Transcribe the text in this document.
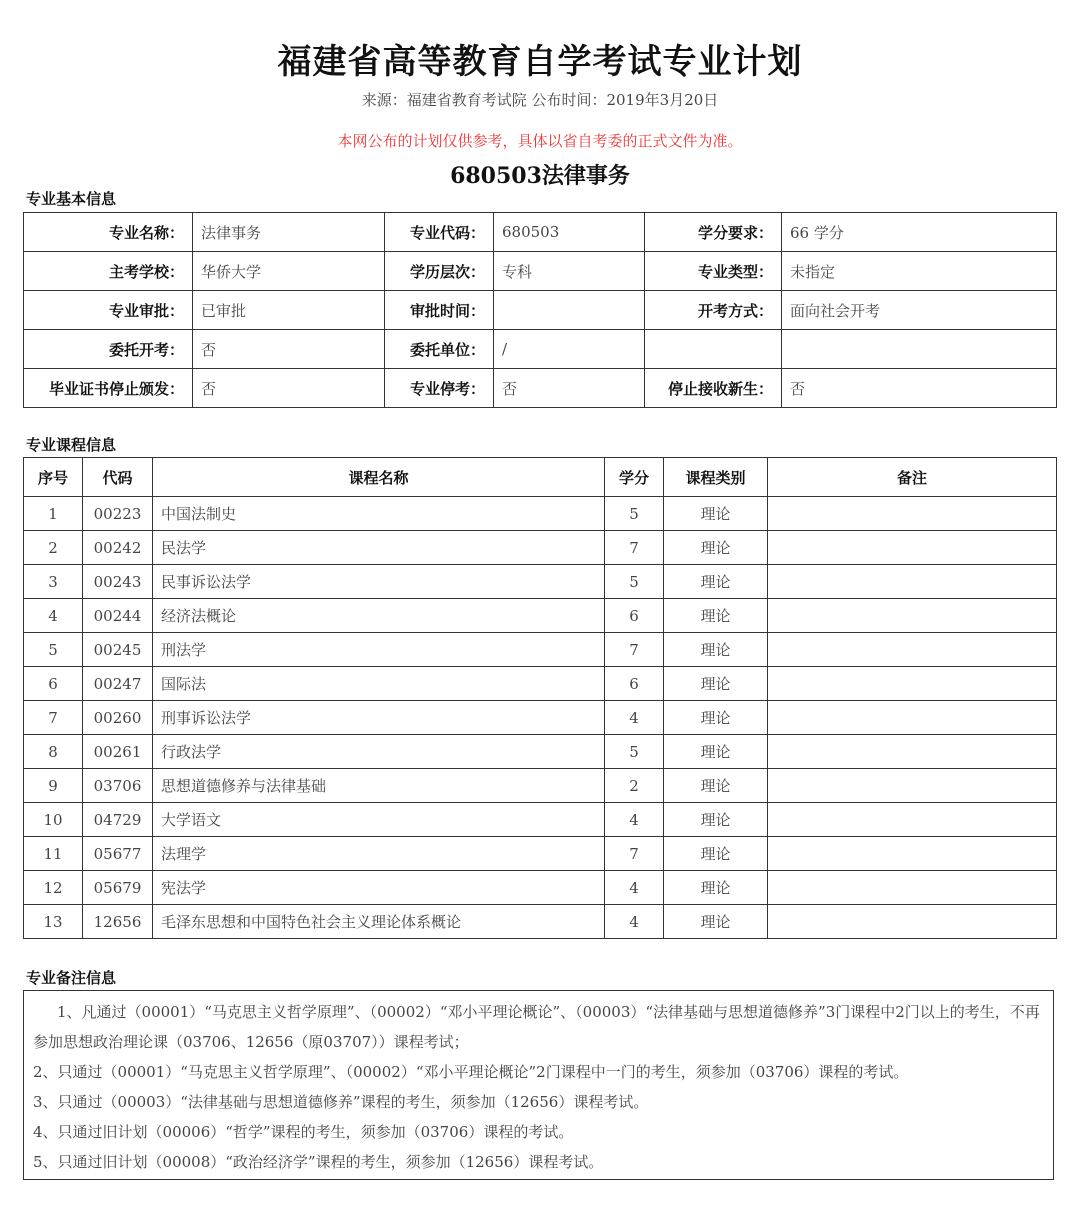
福建省高等教育自学考试专业计划
来源：福建省教育考试院 公布时间：2019年3月20日
本网公布的计划仅供参考，具体以省自考委的正式文件为准。
680503法律事务
专业基本信息
专业名称：	法律事务	专业代码：	680503	学分要求：	66 学分
主考学校：	华侨大学	学历层次：	专科	专业类型：	未指定
专业审批：	已审批	审批时间：		开考方式：	面向社会开考
委托开考：	否	委托单位：	/		
毕业证书停止颁发：	否	专业停考：	否	停止接收新生：	否
专业课程信息
序号	代码	课程名称	学分	课程类别	备注
1	00223	中国法制史	5	理论	
2	00242	民法学	7	理论	
3	00243	民事诉讼法学	5	理论	
4	00244	经济法概论	6	理论	
5	00245	刑法学	7	理论	
6	00247	国际法	6	理论	
7	00260	刑事诉讼法学	4	理论	
8	00261	行政法学	5	理论	
9	03706	思想道德修养与法律基础	2	理论	
10	04729	大学语文	4	理论	
11	05677	法理学	7	理论	
12	05679	宪法学	4	理论	
13	12656	毛泽东思想和中国特色社会主义理论体系概论	4	理论	
专业备注信息

1、凡通过（00001）“马克思主义哲学原理”、（00002）“邓小平理论概论”、（00003）“法律基础与思想道德修养”3门课程中2门以上的考生，不再参加思想政治理论课（03706、12656（原03707））课程考试；

2、只通过（00001）“马克思主义哲学原理”、（00002）“邓小平理论概论”2门课程中一门的考生，须参加（03706）课程的考试。

3、只通过（00003）“法律基础与思想道德修养”课程的考生，须参加（12656）课程考试。

4、只通过旧计划（00006）“哲学”课程的考生，须参加（03706）课程的考试。

5、只通过旧计划（00008）“政治经济学”课程的考生，须参加（12656）课程考试。
